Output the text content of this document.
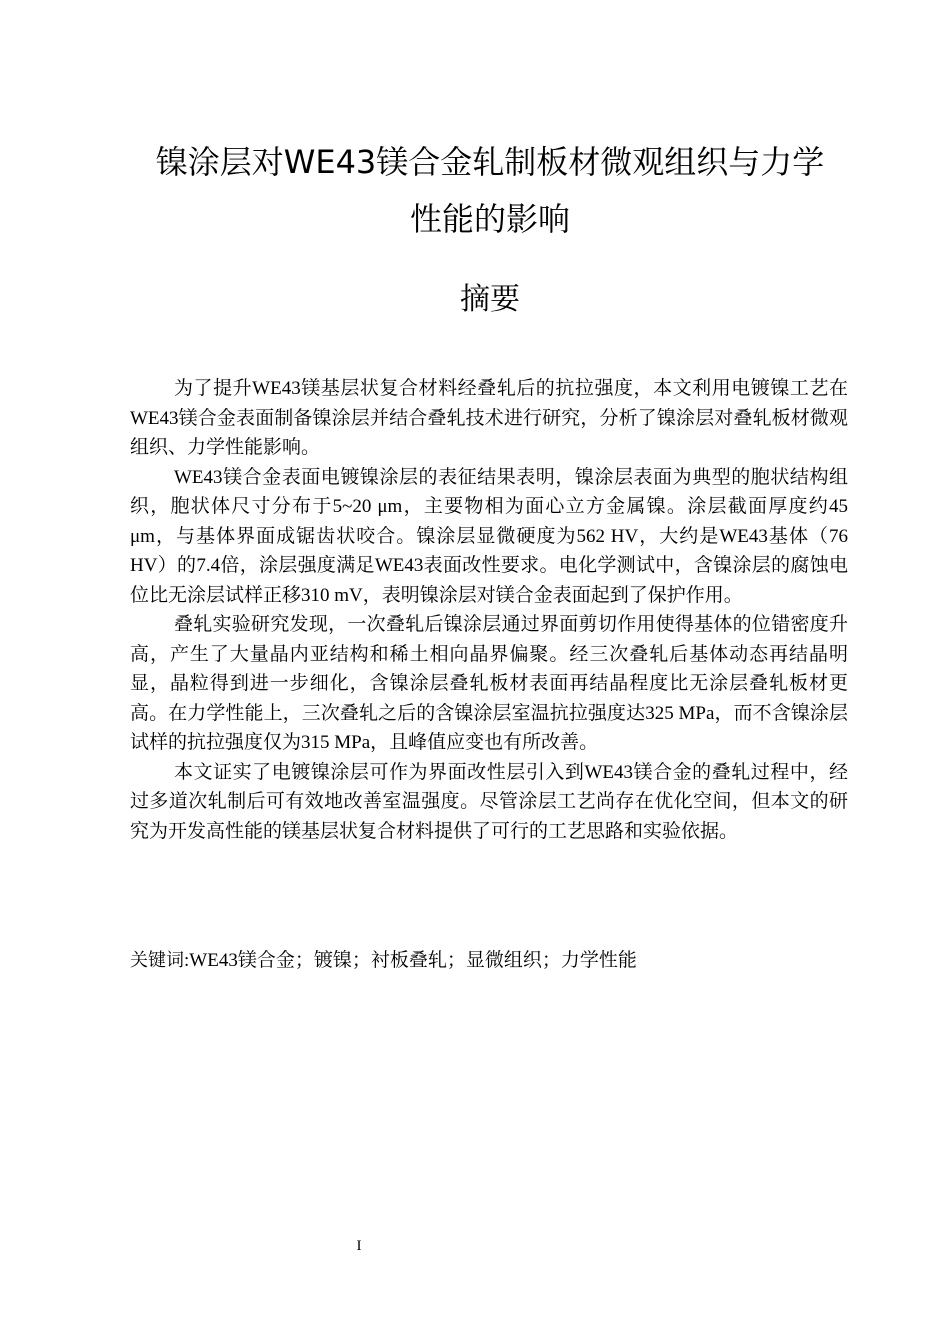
镍涂层对WE43镁合金轧制板材微观组织与力学
性能的影响
摘要

为了提升WE43镁基层状复合材料经叠轧后的抗拉强度，本文利用电镀镍工艺在WE43镁合金表面制备镍涂层并结合叠轧技术进行研究，分析了镍涂层对叠轧板材微观组织、力学性能影响。

WE43镁合金表面电镀镍涂层的表征结果表明，镍涂层表面为典型的胞状结构组织，胞状体尺寸分布于5~20 μm，主要物相为面心立方金属镍。涂层截面厚度约45 μm，与基体界面成锯齿状咬合。镍涂层显微硬度为562 HV，大约是WE43基体（76 HV）的7.4倍，涂层强度满足WE43表面改性要求。电化学测试中，含镍涂层的腐蚀电位比无涂层试样正移310 mV，表明镍涂层对镁合金表面起到了保护作用。

叠轧实验研究发现，一次叠轧后镍涂层通过界面剪切作用使得基体的位错密度升高，产生了大量晶内亚结构和稀土相向晶界偏聚。经三次叠轧后基体动态再结晶明显，晶粒得到进一步细化，含镍涂层叠轧板材表面再结晶程度比无涂层叠轧板材更高。在力学性能上，三次叠轧之后的含镍涂层室温抗拉强度达325 MPa，而不含镍涂层试样的抗拉强度仅为315 MPa，且峰值应变也有所改善。

本文证实了电镀镍涂层可作为界面改性层引入到WE43镁合金的叠轧过程中，经过多道次轧制后可有效地改善室温强度。尽管涂层工艺尚存在优化空间，但本文的研究为开发高性能的镁基层状复合材料提供了可行的工艺思路和实验依据。

关键词:WE43镁合金；镀镍；衬板叠轧；显微组织；力学性能
I
